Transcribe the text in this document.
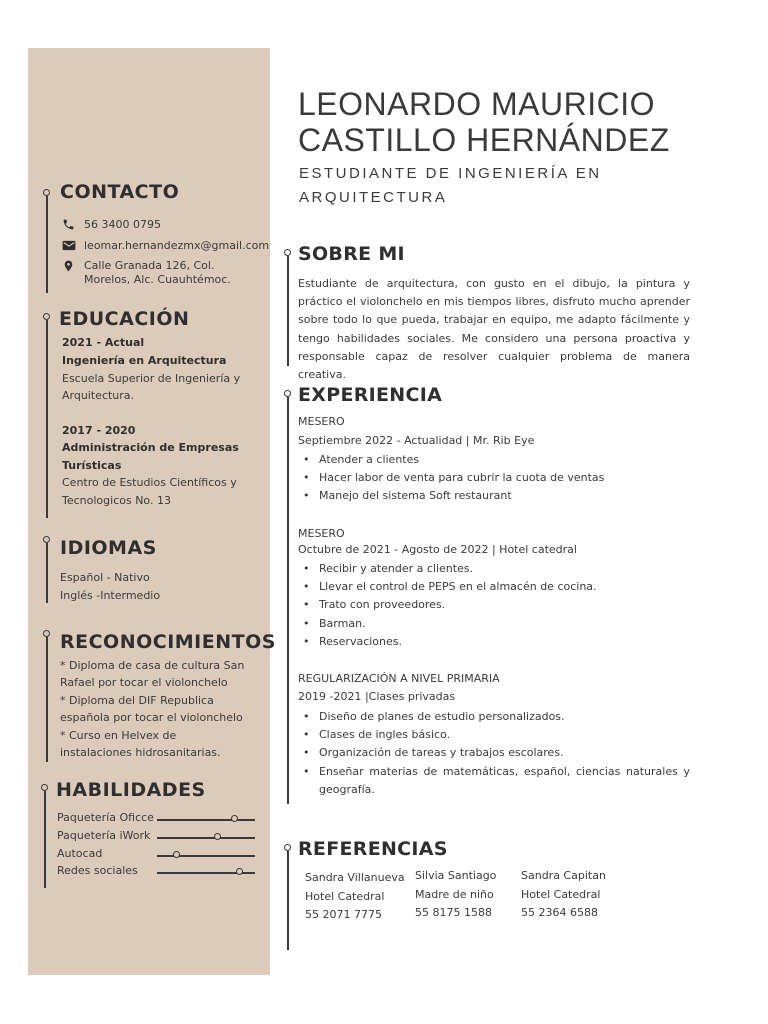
CONTACTO
56 3400 0795
leomar.hernandezmx@gmail.com
Calle Granada 126, Col.
Morelos, Alc. Cuauhtémoc.
EDUCACIÓN
2021 - Actual
Ingeniería en Arquitectura
Escuela Superior de Ingeniería y
Arquitectura.
2017 - 2020
Administración de Empresas
Turísticas
Centro de Estudios Científicos y
Tecnologicos No. 13
IDIOMAS
Español - Nativo
Inglés -Intermedio
RECONOCIMIENTOS
* Diploma de casa de cultura San
Rafael por tocar el violonchelo
* Diploma del DIF Republica
española por tocar el violonchelo
* Curso en Helvex de
instalaciones hidrosanitarias.
HABILIDADES
Paquetería Oficce
Paquetería iWork
Autocad
Redes sociales
LEONARDO MAURICIO
CASTILLO HERNÁNDEZ
ESTUDIANTE DE INGENIERÍA EN
ARQUITECTURA
SOBRE MI
Estudiante de arquitectura, con gusto en el dibujo, la pintura y práctico el violonchelo en mis tiempos libres, disfruto mucho aprender sobre todo lo que pueda, trabajar en equipo, me adapto fácilmente y tengo habilidades sociales. Me considero una persona proactiva y responsable capaz de resolver cualquier problema de manera creativa.
EXPERIENCIA
MESERO
Septiembre 2022 - Actualidad | Mr. Rib Eye
• Atender a clientes
• Hacer labor de venta para cubrir la cuota de ventas
• Manejo del sistema Soft restaurant
MESERO
Octubre de 2021 - Agosto de 2022 | Hotel catedral
• Recibir y atender a clientes.
• Llevar el control de PEPS en el almacén de cocina.
• Trato con proveedores.
• Barman.
• Reservaciones.
REGULARIZACIÓN A NIVEL PRIMARIA
2019 -2021 |Clases privadas
• Diseño de planes de estudio personalizados.
• Clases de ingles básico.
• Organización de tareas y trabajos escolares.
• Enseñar materias de matemáticas, español, ciencias naturales y geografía.
REFERENCIAS
Sandra Villanueva
Hotel Catedral
55 2071 7775
Silvia Santiago
Madre de niño
55 8175 1588
Sandra Capitan
Hotel Catedral
55 2364 6588
